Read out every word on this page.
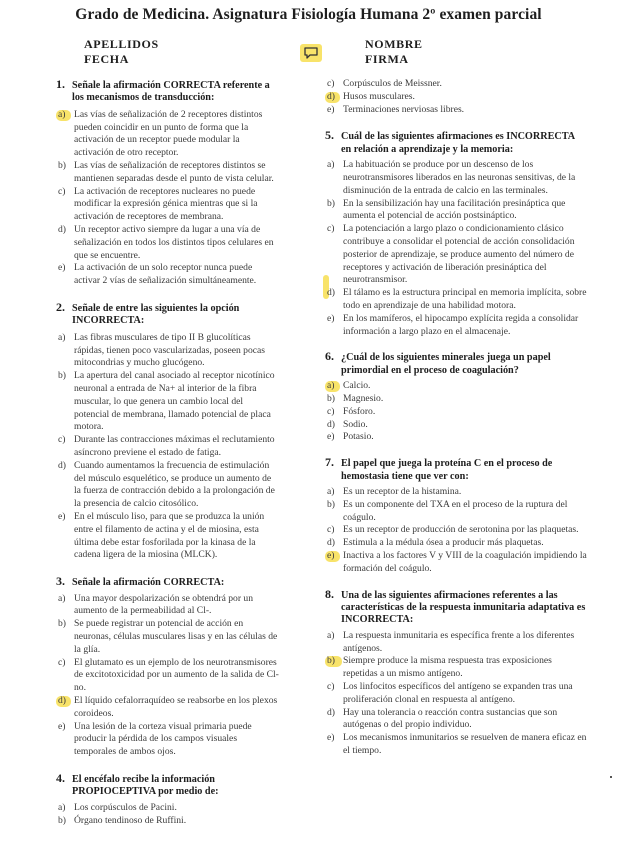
Grado de Medicina. Asignatura Fisiología Humana 2º examen parcial
APELLIDOS
FECHA
NOMBRE
FIRMA
1. Señale la afirmación CORRECTA referente a los mecanismos de transducción:
a) Las vías de señalización de 2 receptores distintos pueden coincidir en un punto de forma que la activación de un receptor puede modular la activación de otro receptor.
b) Las vías de señalización de receptores distintos se mantienen separadas desde el punto de vista celular.
c) La activación de receptores nucleares no puede modificar la expresión génica mientras que si la activación de receptores de membrana.
d) Un receptor activo siempre da lugar a una vía de señalización en todos los distintos tipos celulares en que se encuentre.
e) La activación de un solo receptor nunca puede activar 2 vías de señalización simultáneamente.
2. Señale de entre las siguientes la opción INCORRECTA:
a) Las fibras musculares de tipo II B glucolíticas rápidas, tienen poco vascularizadas, poseen pocas mitocondrias y mucho glucógeno.
b) La apertura del canal asociado al receptor nicotínico neuronal a entrada de Na+ al interior de la fibra muscular, lo que genera un cambio local del potencial de membrana, llamado potencial de placa motora.
c) Durante las contracciones máximas el reclutamiento asíncrono previene el estado de fatiga.
d) Cuando aumentamos la frecuencia de estimulación del músculo esquelético, se produce un aumento de la fuerza de contracción debido a la prolongación de la presencia de calcio citosólico.
e) En el músculo liso, para que se produzca la unión entre el filamento de actina y el de miosina, esta última debe estar fosforilada por la kinasa de la cadena ligera de la miosina (MLCK).
3. Señale la afirmación CORRECTA:
a) Una mayor despolarización se obtendrá por un aumento de la permeabilidad al Cl-.
b) Se puede registrar un potencial de acción en neuronas, células musculares lisas y en las células de la glía.
c) El glutamato es un ejemplo de los neurotransmisores de excitotoxicidad por un aumento de la salida de Cl- no.
d) El líquido cefalorraquídeo se reabsorbe en los plexos coroideos.
e) Una lesión de la corteza visual primaria puede producir la pérdida de los campos visuales temporales de ambos ojos.
4. El encéfalo recibe la información PROPIOCEPTIVA por medio de:
a) Los corpúsculos de Pacini.
b) Órgano tendinoso de Ruffini.
c) Corpúsculos de Meissner.
d) Husos musculares.
e) Terminaciones nerviosas libres.
5. Cuál de las siguientes afirmaciones es INCORRECTA en relación a aprendizaje y la memoria:
a) La habituación se produce por un descenso de los neurotransmisores liberados en las neuronas sensitivas, de la disminución de la entrada de calcio en las terminales.
b) En la sensibilización hay una facilitación presináptica que aumenta el potencial de acción postsináptico.
c) La potenciación a largo plazo o condicionamiento clásico contribuye a consolidar el potencial de acción consolidación posterior de aprendizaje, se produce aumento del número de receptores y activación de liberación presináptica del neurotransmisor.
d) El tálamo es la estructura principal en memoria implícita, sobre todo en aprendizaje de una habilidad motora.
e) En los mamíferos, el hipocampo explícita regida a consolidar información a largo plazo en el almacenaje.
6. ¿Cuál de los siguientes minerales juega un papel primordial en el proceso de coagulación?
a) Calcio.
b) Magnesio.
c) Fósforo.
d) Sodio.
e) Potasio.
7. El papel que juega la proteína C en el proceso de hemostasia tiene que ver con:
a) Es un receptor de la histamina.
b) Es un componente del TXA en el proceso de la ruptura del coágulo.
c) Es un receptor de producción de serotonina por las plaquetas.
d) Estimula a la médula ósea a producir más plaquetas.
e) Inactiva a los factores V y VIII de la coagulación impidiendo la formación del coágulo.
8. Una de las siguientes afirmaciones referentes a las características de la respuesta inmunitaria adaptativa es INCORRECTA:
a) La respuesta inmunitaria es específica frente a los diferentes antígenos.
b) Siempre produce la misma respuesta tras exposiciones repetidas a un mismo antígeno.
c) Los linfocitos específicos del antígeno se expanden tras una proliferación clonal en respuesta al antígeno.
d) Hay una tolerancia o reacción contra sustancias que son autógenas o del propio individuo.
e) Los mecanismos inmunitarios se resuelven de manera eficaz en el tiempo.
